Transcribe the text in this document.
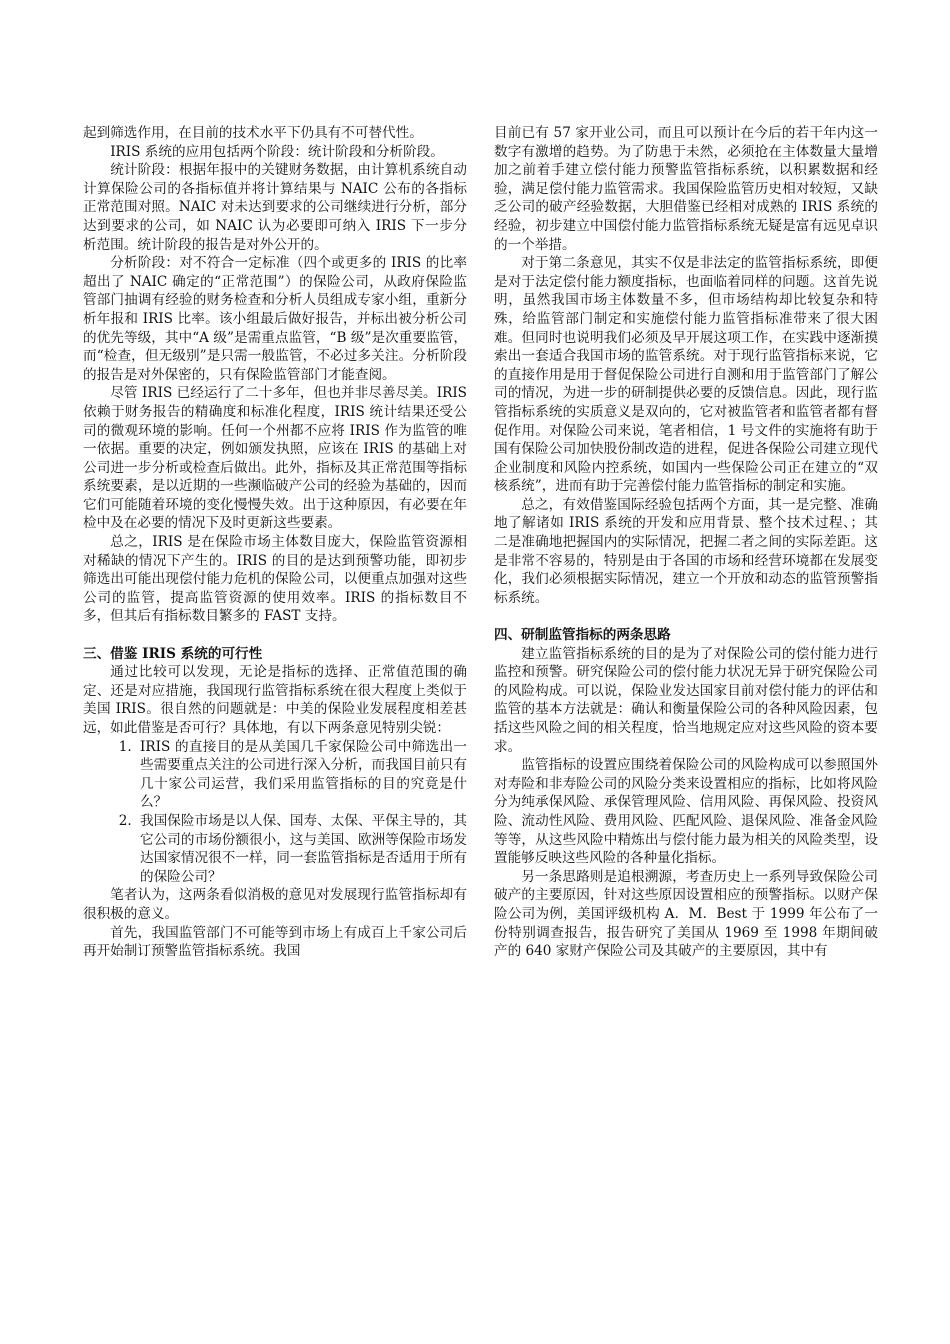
起到筛选作用，在目前的技术水平下仍具有不可替代性。

IRIS 系统的应用包括两个阶段：统计阶段和分析阶段。

统计阶段：根据年报中的关键财务数据，由计算机系统自动计算保险公司的各指标值并将计算结果与 NAIC 公布的各指标正常范围对照。NAIC 对未达到要求的公司继续进行分析，部分达到要求的公司，如 NAIC 认为必要即可纳入 IRIS 下一步分析范围。统计阶段的报告是对外公开的。

分析阶段：对不符合一定标准（四个或更多的 IRIS 的比率超出了 NAIC 确定的“正常范围”）的保险公司，从政府保险监管部门抽调有经验的财务检查和分析人员组成专家小组，重新分析年报和 IRIS 比率。该小组最后做好报告，并标出被分析公司的优先等级，其中“A 级”是需重点监管，“B 级”是次重要监管，而“检查，但无级别”是只需一般监管，不必过多关注。分析阶段的报告是对外保密的，只有保险监管部门才能查阅。

尽管 IRIS 已经运行了二十多年，但也并非尽善尽美。IRIS 依赖于财务报告的精确度和标准化程度，IRIS 统计结果还受公司的微观环境的影响。任何一个州都不应将 IRIS 作为监管的唯一依据。重要的决定，例如颁发执照，应该在 IRIS 的基础上对公司进一步分析或检查后做出。此外，指标及其正常范围等指标系统要素，是以近期的一些濒临破产公司的经验为基础的，因而它们可能随着环境的变化慢慢失效。出于这种原因，有必要在年检中及在必要的情况下及时更新这些要素。

总之，IRIS 是在保险市场主体数目庞大，保险监管资源相对稀缺的情况下产生的。IRIS 的目的是达到预警功能，即初步筛选出可能出现偿付能力危机的保险公司，以便重点加强对这些公司的监管，提高监管资源的使用效率。IRIS 的指标数目不多，但其后有指标数目繁多的 FAST 支持。

三、借鉴 IRIS 系统的可行性

通过比较可以发现，无论是指标的选择、正常值范围的确定、还是对应措施，我国现行监管指标系统在很大程度上类似于美国 IRIS。很自然的问题就是：中美的保险业发展程度相差甚远，如此借鉴是否可行？具体地，有以下两条意见特别尖锐：

1. IRIS 的直接目的是从美国几千家保险公司中筛选出一些需要重点关注的公司进行深入分析，而我国目前只有几十家公司运营，我们采用监管指标的目的究竟是什么？
2. 我国保险市场是以人保、国寿、太保、平保主导的，其它公司的市场份额很小，这与美国、欧洲等保险市场发达国家情况很不一样，同一套监管指标是否适用于所有的保险公司？

笔者认为，这两条看似消极的意见对发展现行监管指标却有很积极的意义。

首先，我国监管部门不可能等到市场上有成百上千家公司后再开始制订预警监管指标系统。我国

目前已有 57 家开业公司，而且可以预计在今后的若干年内这一数字有激增的趋势。为了防患于未然，必须抢在主体数量大量增加之前着手建立偿付能力预警监管指标系统，以积累数据和经验，满足偿付能力监管需求。我国保险监管历史相对较短，又缺乏公司的破产经验数据，大胆借鉴已经相对成熟的 IRIS 系统的经验，初步建立中国偿付能力监管指标系统无疑是富有远见卓识的一个举措。

对于第二条意见，其实不仅是非法定的监管指标系统，即便是对于法定偿付能力额度指标，也面临着同样的问题。这首先说明，虽然我国市场主体数量不多，但市场结构却比较复杂和特殊，给监管部门制定和实施偿付能力监管指标准带来了很大困难。但同时也说明我们必须及早开展这项工作，在实践中逐渐摸索出一套适合我国市场的监管系统。对于现行监管指标来说，它的直接作用是用于督促保险公司进行自测和用于监管部门了解公司的情况，为进一步的研制提供必要的反馈信息。因此，现行监管指标系统的实质意义是双向的，它对被监管者和监管者都有督促作用。对保险公司来说，笔者相信，1 号文件的实施将有助于国有保险公司加快股份制改造的进程，促进各保险公司建立现代企业制度和风险内控系统，如国内一些保险公司正在建立的“双核系统”，进而有助于完善偿付能力监管指标的制定和实施。

总之，有效借鉴国际经验包括两个方面，其一是完整、准确地了解诸如 IRIS 系统的开发和应用背景、整个技术过程、；其二是准确地把握国内的实际情况，把握二者之间的实际差距。这是非常不容易的，特别是由于各国的市场和经营环境都在发展变化，我们必须根据实际情况，建立一个开放和动态的监管预警指标系统。

四、研制监管指标的两条思路

建立监管指标系统的目的是为了对保险公司的偿付能力进行监控和预警。研究保险公司的偿付能力状况无异于研究保险公司的风险构成。可以说，保险业发达国家目前对偿付能力的评估和监管的基本方法就是：确认和衡量保险公司的各种风险因素，包括这些风险之间的相关程度，恰当地规定应对这些风险的资本要求。

监管指标的设置应围绕着保险公司的风险构成可以参照国外对寿险和非寿险公司的风险分类来设置相应的指标，比如将风险分为纯承保风险、承保管理风险、信用风险、再保风险、投资风险、流动性风险、费用风险、匹配风险、退保风险、准备金风险等等，从这些风险中精炼出与偿付能力最为相关的风险类型，设置能够反映这些风险的各种量化指标。

另一条思路则是追根溯源，考查历史上一系列导致保险公司破产的主要原因，针对这些原因设置相应的预警指标。以财产保险公司为例，美国评级机构 A．M．Best 于 1999 年公布了一份特别调查报告，报告研究了美国从 1969 至 1998 年期间破产的 640 家财产保险公司及其破产的主要原因，其中有
